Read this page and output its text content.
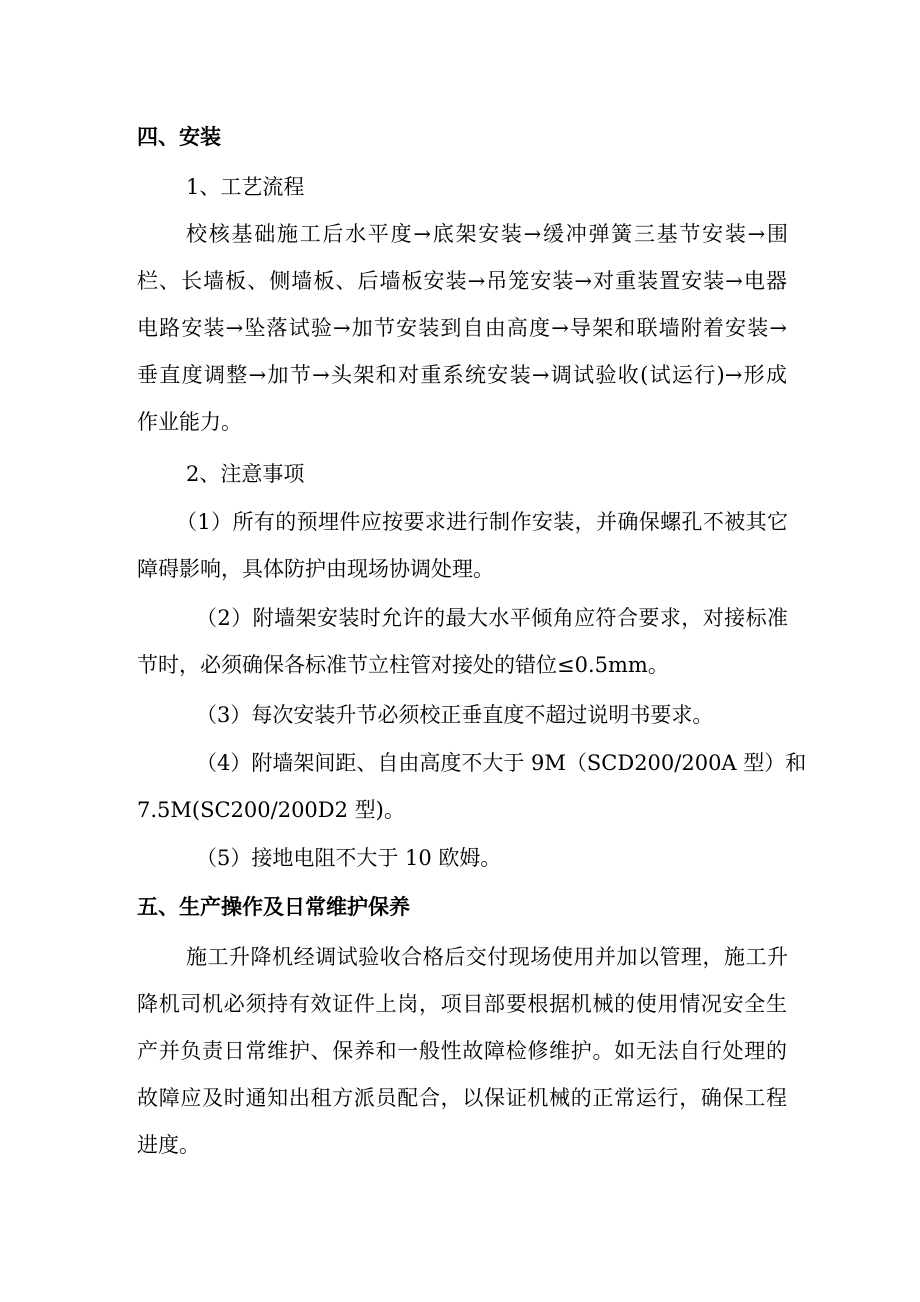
四、安装
1、工艺流程
校核基础施工后水平度→底架安装→缓冲弹簧三基节安装→围
栏、长墙板、侧墙板、后墙板安装→吊笼安装→对重装置安装→电器
电路安装→坠落试验→加节安装到自由高度→导架和联墙附着安装→
垂直度调整→加节→头架和对重系统安装→调试验收(试运行)→形成
作业能力。
2、注意事项
（1）所有的预埋件应按要求进行制作安装，并确保螺孔不被其它
障碍影响，具体防护由现场协调处理。
（2）附墙架安装时允许的最大水平倾角应符合要求，对接标准
节时，必须确保各标准节立柱管对接处的错位≤0.5mm。
（3）每次安装升节必须校正垂直度不超过说明书要求。
（4）附墙架间距、自由高度不大于 9M（SCD200/200A 型）和
7.5M(SC200/200D2 型)。
（5）接地电阻不大于 10 欧姆。
五、生产操作及日常维护保养
施工升降机经调试验收合格后交付现场使用并加以管理，施工升
降机司机必须持有效证件上岗，项目部要根据机械的使用情况安全生
产并负责日常维护、保养和一般性故障检修维护。如无法自行处理的
故障应及时通知出租方派员配合，以保证机械的正常运行，确保工程
进度。
